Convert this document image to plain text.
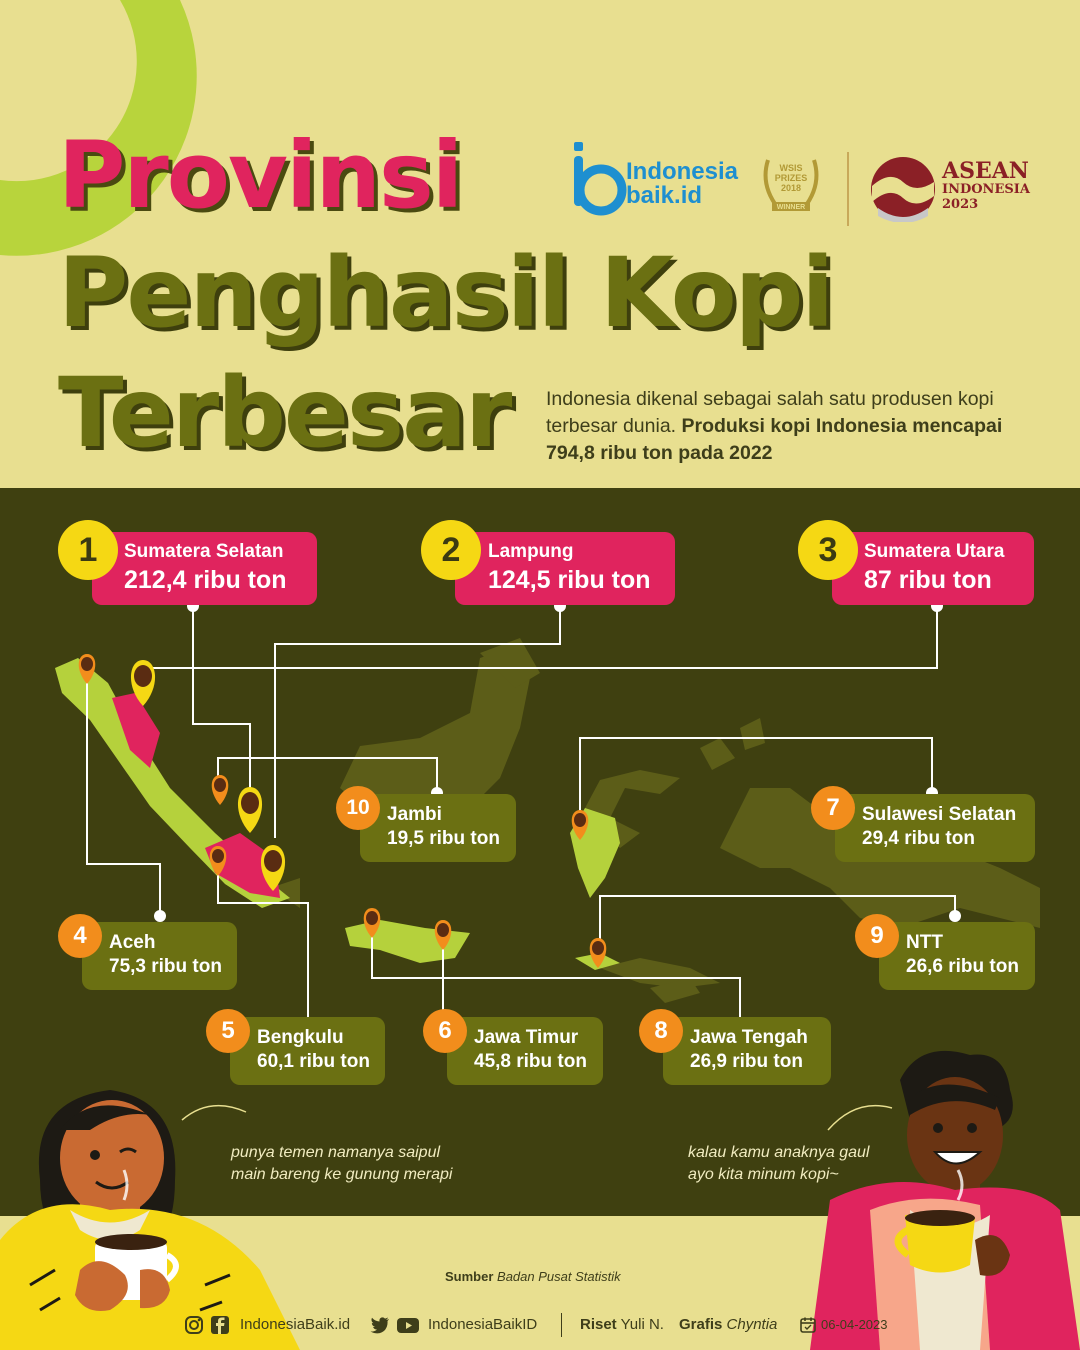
Provinsi
Penghasil Kopi
Terbesar Indonesia dikenal sebagai salah satu produsen kopi terbesar dunia. Produksi kopi Indonesia mencapai 794,8 ribu ton pada 2022
Indonesia
baik.id
WSIS
PRIZES
2018
WINNER
ASEAN
INDONESIA
2023
Sumatera Selatan
212,4 ribu ton
1	Lampung
124,5 ribu ton
2	Sumatera Utara
87 ribu ton
3
Aceh
75,3 ribu ton
4
Bengkulu
60,1 ribu ton
5	Jawa Timur
45,8 ribu ton
6
Sulawesi Selatan
29,4 ribu ton
7
Jawa Tengah
26,9 ribu ton
8
NTT
26,6 ribu ton
9
Jambi
19,5 ribu ton
10
punya temen namanya saipul
main bareng ke gunung merapi
kalau kamu anaknya gaul
ayo kita minum kopi~
Sumber Badan Pusat Statistik
IndonesiaBaik.id	IndonesiaBaikID	Riset Yuli N. Grafis Chyntia	06-04-2023
